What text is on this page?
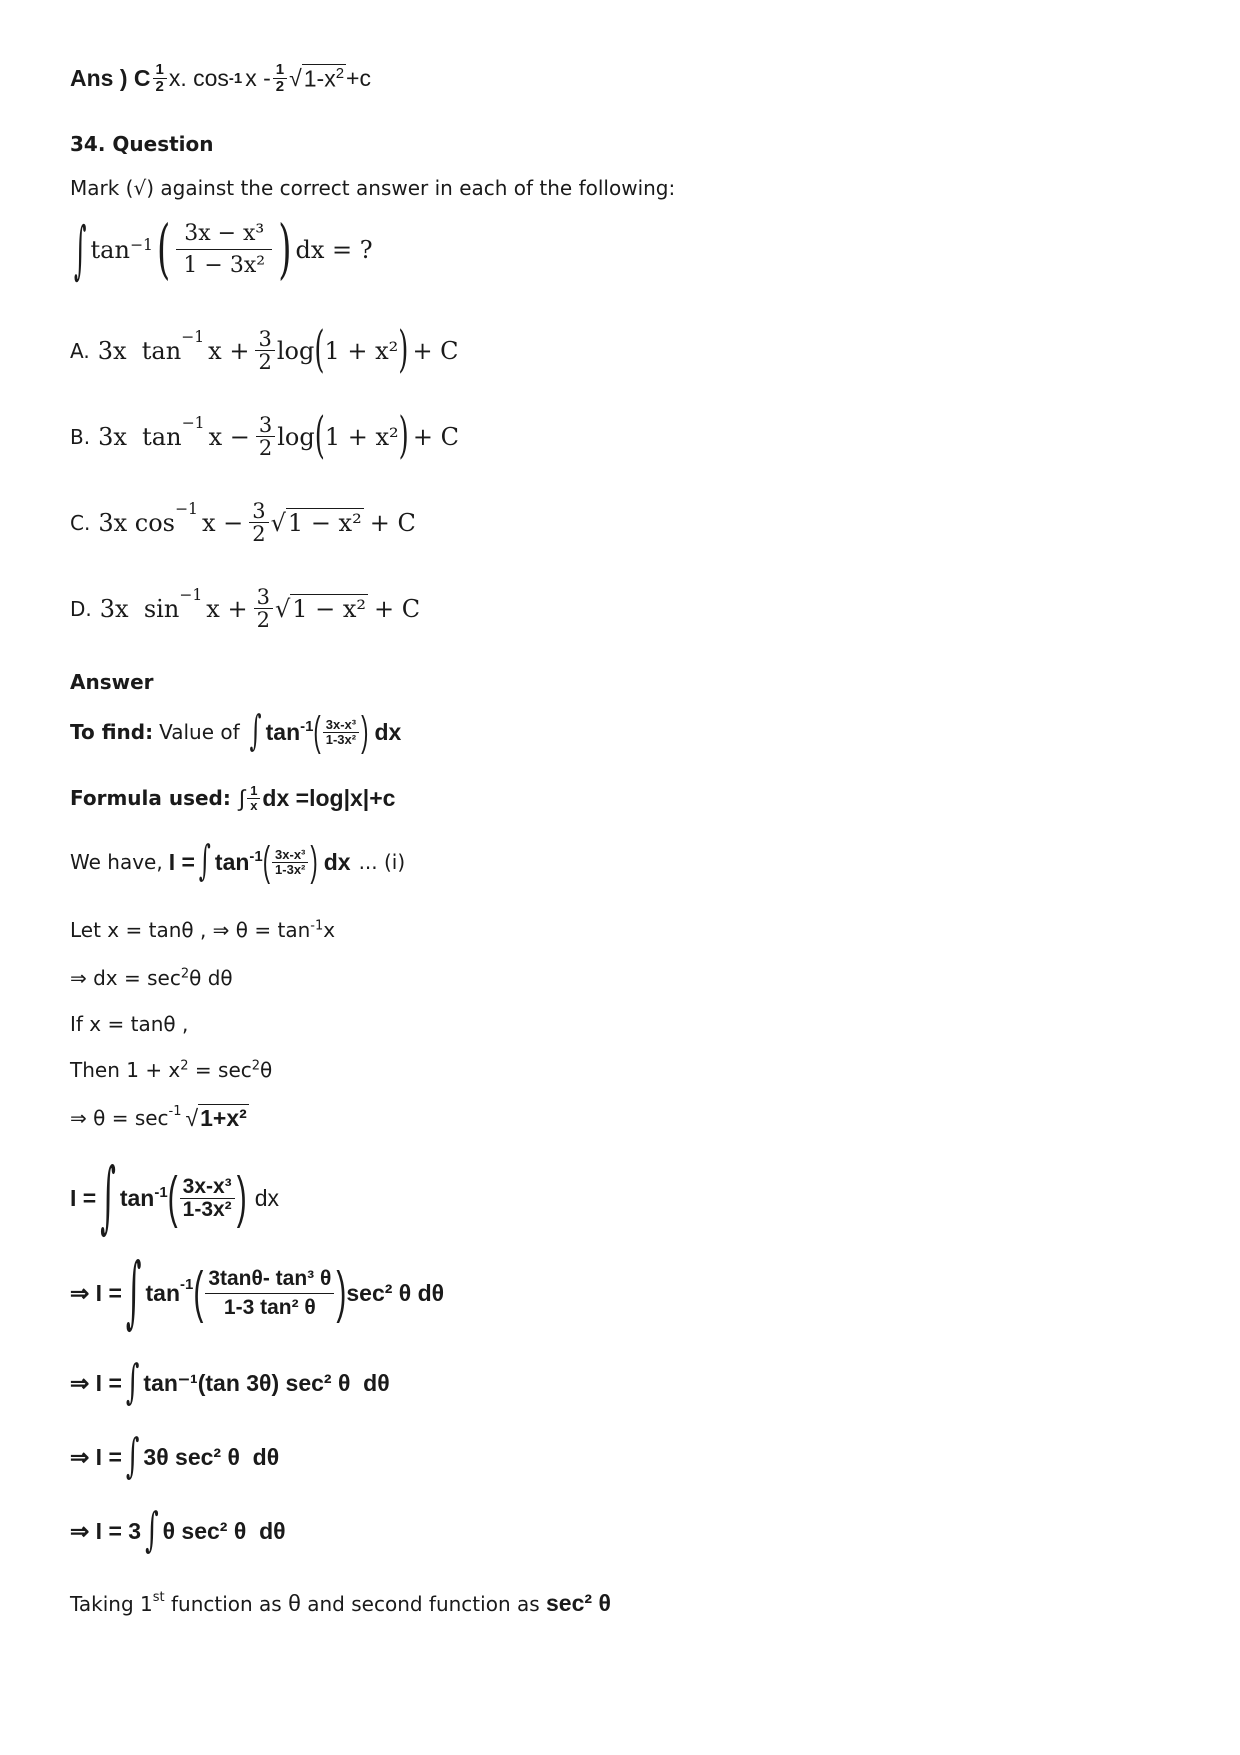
Ans ) C $\frac{1}{2} x$. cos -1 x - $\frac{1}{2}$ √ $1-x^2 +c$
34. Question
Mark (√) against the correct answer in each of the following:
∫ tan −1 ( $\frac{\text{3x − x³}}{\text{1 − 3x²}}$ ) dx = ?
A. 3x  $\tan^{-1} x + \frac{3}{2}$ log ( 1 + x² ) + C
B. 3x  $\tan^{-1} x - \frac{3}{2}$ log ( 1 + x² ) + C
C. 3x $\cos^{-1} x - \frac{3}{2}$ √ 1 − x² + C
D. 3x  $\sin^{-1} x + \frac{3}{2}$ √ 1 − x² + C
Answer
To find: Value of ∫ $\tan^{-1}$ ( $\frac{\text{3x-x³}}{\text{1-3x²}}$ ) dx
Formula used: ∫ $\frac{1}{x}$ dx =log|x|+c
We have, I = ∫ $\tan^{-1}$ ( $\frac{\text{3x-x³}}{\text{1-3x²}}$ ) dx ... (i)
Let x = tanθ , ⇒ $\theta = \tan^{-1}x$
⇒ dx = $\sec^2\theta$ dθ
If x = tanθ ,
Then $1 + x^2 = \sec^2\theta$
⇒ $\theta = \sec^{-1}$ √ 1+x²
I = ∫ $\tan^{-1}$ ( $\frac{\text{3x-x³}}{\text{1-3x²}}$ ) dx
⇒ I = ∫ $\tan^{-1}$ ( $\frac{\text{3tanθ- tan³ θ}}{\text{1-3 tan² θ}}$ ) sec² θ dθ
⇒ I = ∫ tan⁻¹(tan 3θ) sec² θ  dθ
⇒ I = ∫ 3θ sec² θ  dθ
⇒ I = 3 ∫ θ sec² θ  dθ
Taking 1st function as θ and second function as sec² θ
